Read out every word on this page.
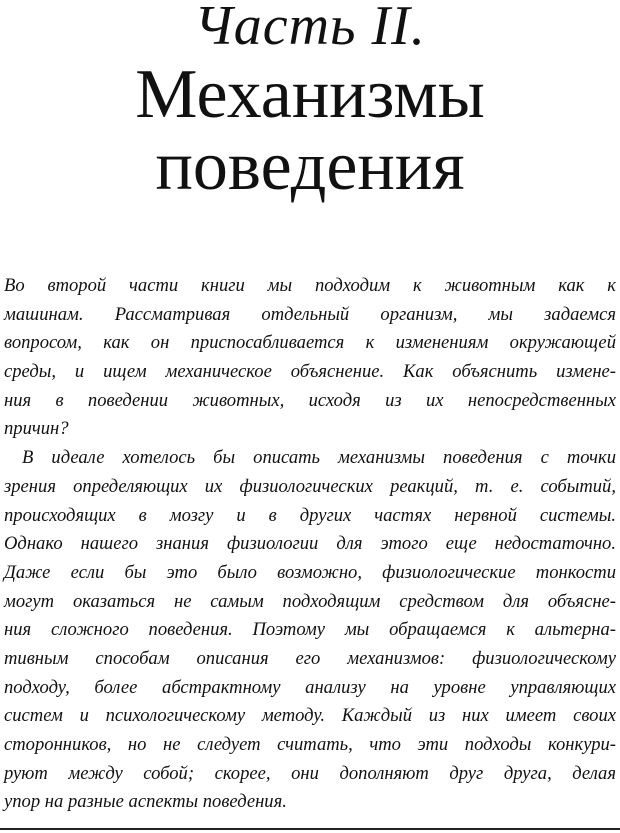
Часть II.
Механизмы
поведения
Во второй части книги мы подходим к животным как к
машинам. Рассматривая отдельный организм, мы задаемся
вопросом, как он приспосабливается к изменениям окружающей
среды, и ищем механическое объяснение. Как объяснить измене-
ния в поведении животных, исходя из их непосредственных
причин?
В идеале хотелось бы описать механизмы поведения с точки
зрения определяющих их физиологических реакций, т. е. событий,
происходящих в мозгу и в других частях нервной системы.
Однако нашего знания физиологии для этого еще недостаточно.
Даже если бы это было возможно, физиологические тонкости
могут оказаться не самым подходящим средством для объясне-
ния сложного поведения. Поэтому мы обращаемся к альтерна-
тивным способам описания его механизмов: физиологическому
подходу, более абстрактному анализу на уровне управляющих
систем и психологическому методу. Каждый из них имеет своих
сторонников, но не следует считать, что эти подходы конкури-
руют между собой; скорее, они дополняют друг друга, делая
упор на разные аспекты поведения.
